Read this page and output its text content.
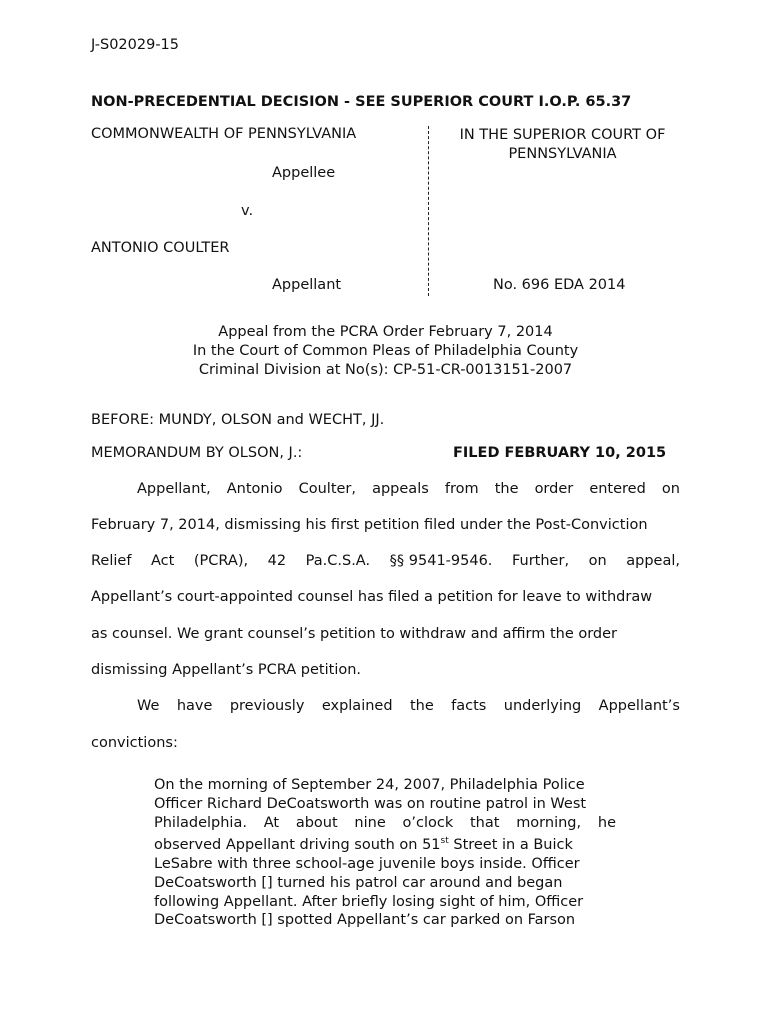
J-S02029-15
NON-PRECEDENTIAL DECISION - SEE SUPERIOR COURT I.O.P. 65.37
COMMONWEALTH OF PENNSYLVANIA
Appellee
v.
ANTONIO COULTER
Appellant
IN THE SUPERIOR COURT OF PENNSYLVANIA
No. 696 EDA 2014
Appeal from the PCRA Order February 7, 2014
In the Court of Common Pleas of Philadelphia County
Criminal Division at No(s): CP-51-CR-0013151-2007
BEFORE: MUNDY, OLSON and WECHT, JJ.
MEMORANDUM BY OLSON, J.:	FILED FEBRUARY 10, 2015
Appellant, Antonio Coulter, appeals from the order entered on
February 7, 2014, dismissing his first petition filed under the Post-Conviction
Relief Act (PCRA), 42 Pa.C.S.A. §§ 9541-9546. Further, on appeal,
Appellant’s court-appointed counsel has filed a petition for leave to withdraw
as counsel. We grant counsel’s petition to withdraw and affirm the order
dismissing Appellant’s PCRA petition.
We have previously explained the facts underlying Appellant’s
convictions:
On the morning of September 24, 2007, Philadelphia Police
Officer Richard DeCoatsworth was on routine patrol in West
Philadelphia. At about nine o’clock that morning, he
observed Appellant driving south on 51st Street in a Buick
LeSabre with three school-age juvenile boys inside. Officer
DeCoatsworth [] turned his patrol car around and began
following Appellant. After briefly losing sight of him, Officer
DeCoatsworth [] spotted Appellant’s car parked on Farson
